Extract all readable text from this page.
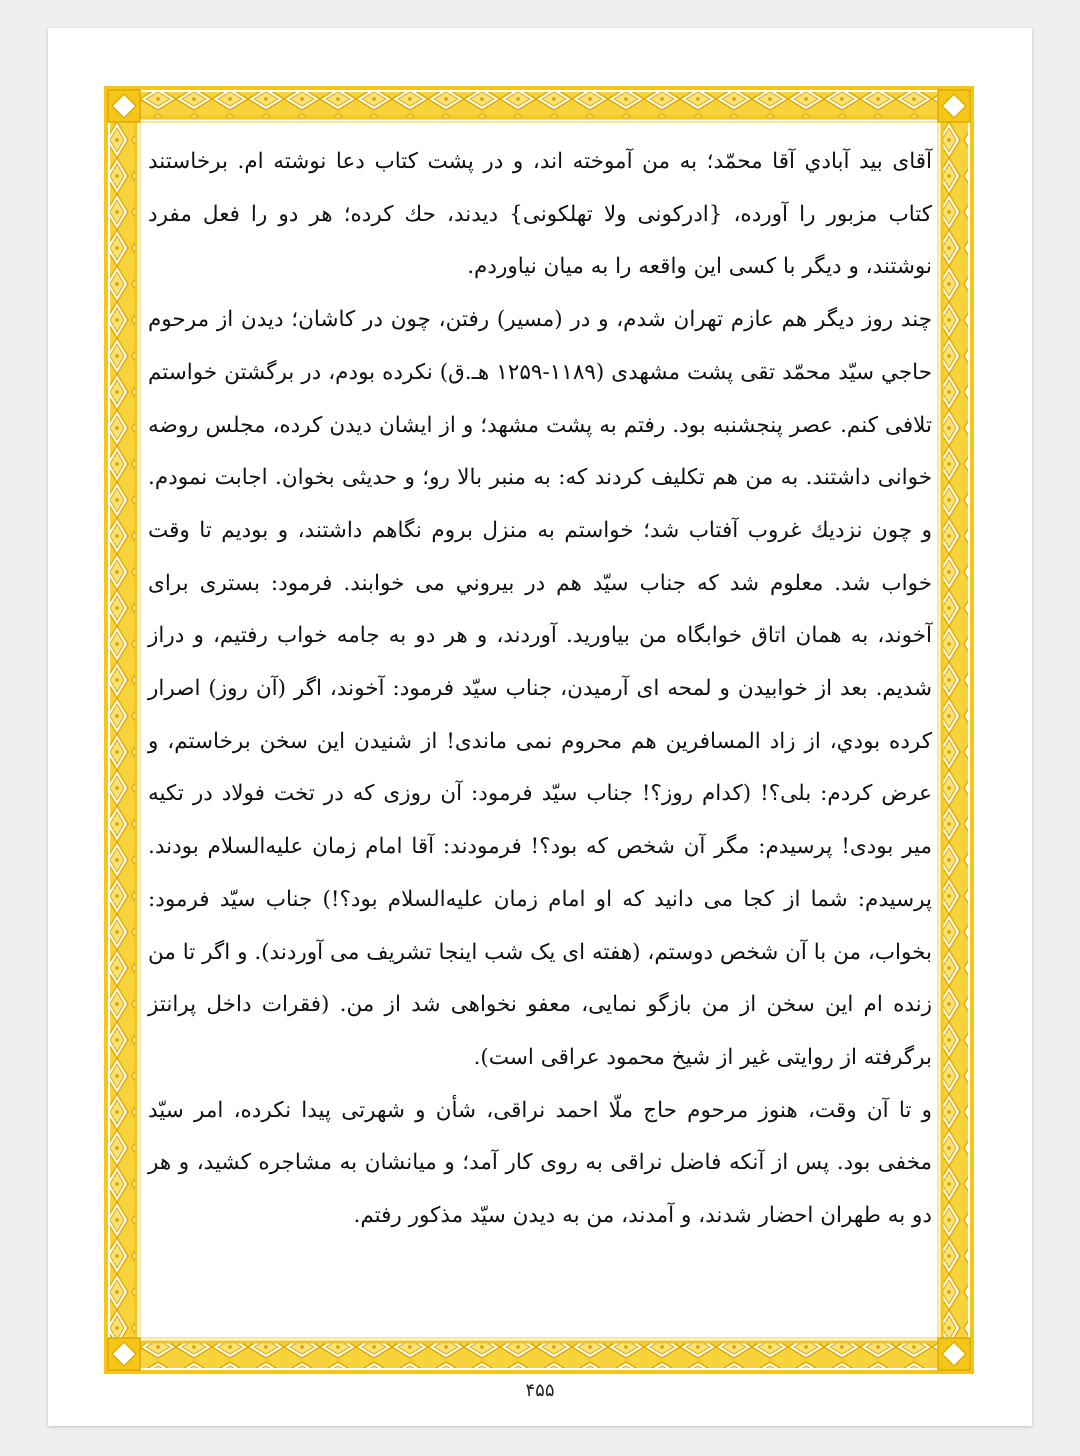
آقای بید آبادي آقا محمّد؛ به من آموخته اند، و در پشت کتاب دعا نوشته ام. برخاستند کتاب مزبور را آورده، {ادرکونی ولا تهلکونی} دیدند، حك کرده؛ هر دو را فعل مفرد نوشتند، و دیگر با کسی این واقعه را به میان نیاوردم.

چند روز دیگر هم عازم تهران شدم، و در (مسیر) رفتن، چون در کاشان؛ دیدن از مرحوم حاجي سیّد محمّد تقی پشت مشهدی (۱۱۸۹-۱۲۵۹ هـ.ق) نکرده بودم، در برگشتن خواستم تلافی کنم. عصر پنجشنبه بود. رفتم به پشت مشهد؛ و از ایشان دیدن کرده، مجلس روضه خوانی داشتند. به من هم تکلیف کردند که: به منبر بالا رو؛ و حدیثی بخوان. اجابت نمودم. و چون نزدیك غروب آفتاب شد؛ خواستم به منزل بروم نگاهم داشتند، و بودیم تا وقت خواب شد. معلوم شد که جناب سیّد هم در بیروني می خوابند. فرمود: بستری برای آخوند، به همان اتاق خوابگاه من بیاورید. آوردند، و هر دو به جامه خواب رفتیم، و دراز شدیم. بعد از خوابیدن و لمحه ای آرمیدن، جناب سیّد فرمود: آخوند، اگر (آن روز) اصرار کرده بودي، از زاد المسافرین هم محروم نمی ماندی! از شنیدن این سخن برخاستم، و عرض کردم: بلی؟! (کدام روز؟! جناب سیّد فرمود: آن روزی که در تخت فولاد در تکیه میر بودی! پرسیدم: مگر آن شخص که بود؟! فرمودند: آقا امام زمان علیه‌السلام بودند. پرسیدم: شما از کجا می دانید که او امام زمان علیه‌السلام بود؟!) جناب سیّد فرمود: بخواب، من با آن شخص دوستم، (هفته ای یک شب اینجا تشریف می آوردند). و اگر تا من زنده ام این سخن از من بازگو نمایی، معفو نخواهی شد از من. (فقرات داخل پرانتز برگرفته از روایتی غیر از شیخ محمود عراقی است).

و تا آن وقت، هنوز مرحوم حاج ملّا احمد نراقی، شأن و شهرتی پیدا نکرده، امر سیّد مخفی بود. پس از آنکه فاضل نراقی به روی کار آمد؛ و میانشان به مشاجره کشید، و هر دو به طهران احضار شدند، و آمدند، من به دیدن سیّد مذکور رفتم.

۴۵۵
